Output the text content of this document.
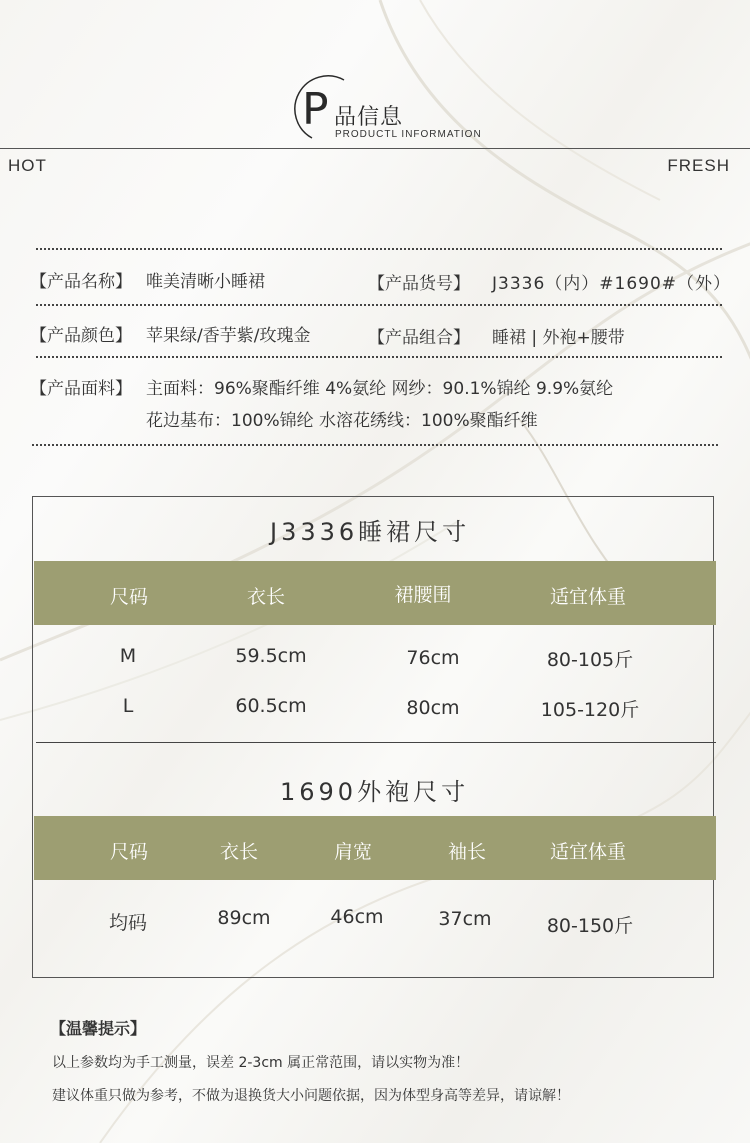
P 品信息
PRODUCTL INFORMATION
HOT	FRESH
【产品名称】 唯美清晰小睡裙	【产品货号】 J3336（内）#1690#（外）
【产品颜色】 苹果绿/香芋紫/玫瑰金	【产品组合】 睡裙 | 外袍+腰带
【产品面料】 主面料：96%聚酯纤维 4%氨纶 网纱：90.1%锦纶 9.9%氨纶
花边基布：100%锦纶 水溶花绣线：100%聚酯纤维
J3336睡裙尺寸
尺码	衣长	裙腰围	适宜体重
M	59.5cm	76cm	80-105斤
L	60.5cm	80cm	105-120斤
1690外袍尺寸
尺码	衣长	肩宽	袖长	适宜体重
均码	89cm	46cm	37cm	80-150斤
【温馨提示】
以上参数均为手工测量，误差 2-3cm 属正常范围，请以实物为准！
建议体重只做为参考，不做为退换货大小问题依据，因为体型身高等差异，请谅解！
